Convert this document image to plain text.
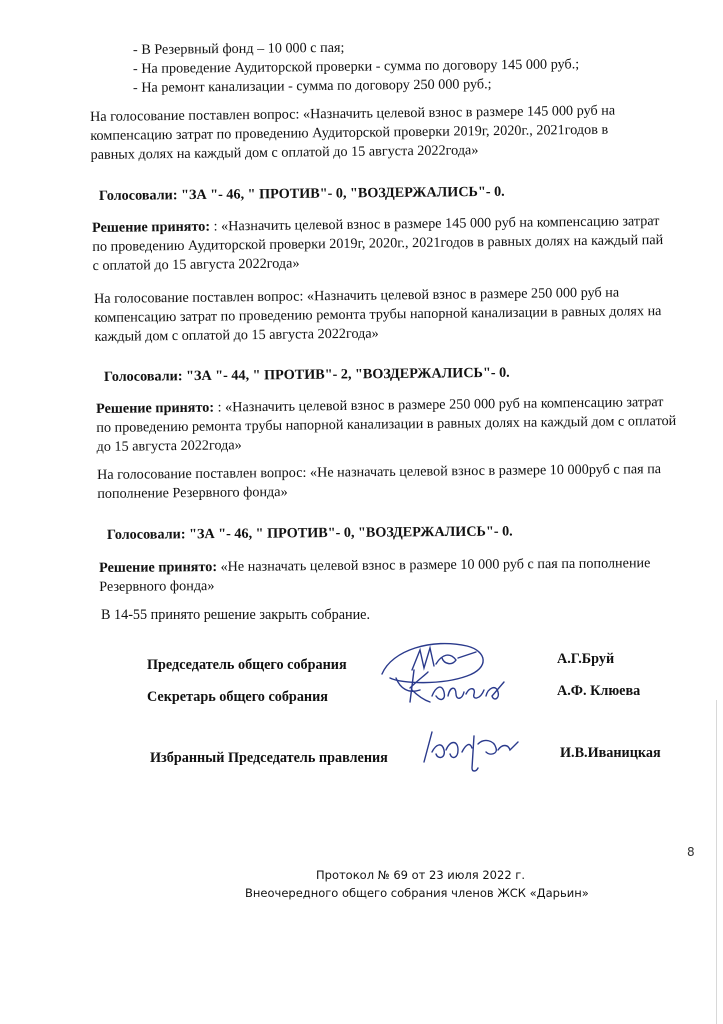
- В Резервный фонд – 10 000 с пая;
- На проведение Аудиторской проверки - сумма по договору 145 000 руб.;
- На ремонт канализации - сумма по договору 250 000 руб.;
На голосование поставлен вопрос: «Назначить целевой взнос в размере 145 000 руб на
компенсацию затрат по проведению Аудиторской проверки 2019г, 2020г., 2021годов в
равных долях на каждый дом с оплатой до 15 августа 2022года»
Голосовали: "ЗА "- 46, " ПРОТИВ"- 0, "ВОЗДЕРЖАЛИСЬ"- 0.
Решение принято: : «Назначить целевой взнос в размере 145 000 руб на компенсацию затрат
по проведению Аудиторской проверки 2019г, 2020г., 2021годов в равных долях на каждый пай
с оплатой до 15 августа 2022года»
На голосование поставлен вопрос: «Назначить целевой взнос в размере 250 000 руб на
компенсацию затрат по проведению ремонта трубы напорной канализации в равных долях на
каждый дом с оплатой до 15 августа 2022года»
Голосовали: "ЗА "- 44, " ПРОТИВ"- 2, "ВОЗДЕРЖАЛИСЬ"- 0.
Решение принято: : «Назначить целевой взнос в размере 250 000 руб на компенсацию затрат
по проведению ремонта трубы напорной канализации в равных долях на каждый дом с оплатой
до 15 августа 2022года»
На голосование поставлен вопрос: «Не назначать целевой взнос в размере 10 000руб с пая па
пополнение Резервного фонда»
Голосовали: "ЗА "- 46, " ПРОТИВ"- 0, "ВОЗДЕРЖАЛИСЬ"- 0.
Решение принято: «Не назначать целевой взнос в размере 10 000 руб с пая па пополнение
Резервного фонда»
В 14-55 принято решение закрыть собрание.
Председатель общего собрания	А.Г.Бруй
Секретарь общего собрания	А.Ф. Клюева
Избранный Председатель правления	И.В.Иваницкая
8
Протокол № 69 от 23 июля 2022 г.
Внеочередного общего собрания членов ЖСК «Дарьин»
